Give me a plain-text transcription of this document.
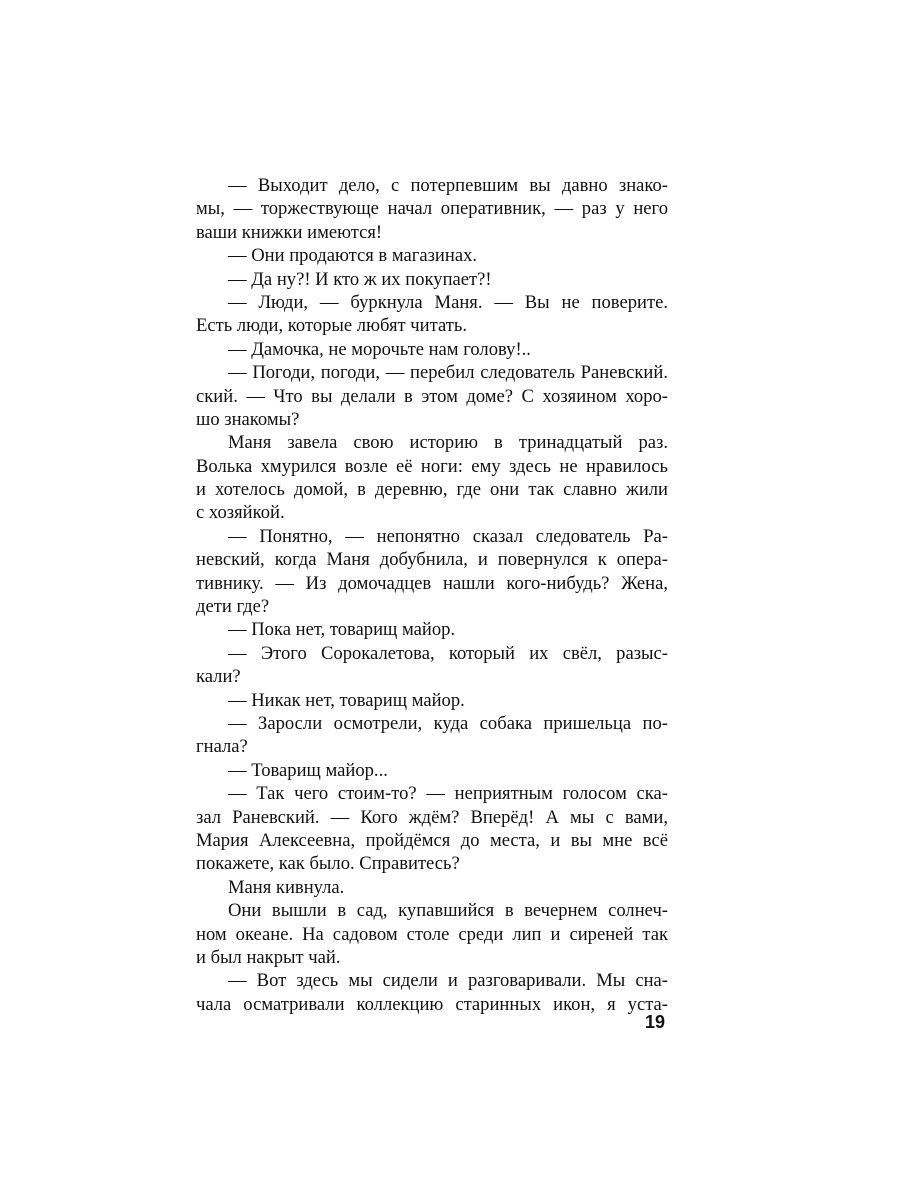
— Выходит дело, с потерпевшим вы давно знако-
мы, — торжествующе начал оперативник, — раз у него
ваши книжки имеются!
— Они продаются в магазинах.
— Да ну?! И кто ж их покупает?!
— Люди, — буркнула Маня. — Вы не поверите.
Есть люди, которые любят читать.
— Дамочка, не морочьте нам голову!..
— Погоди, погоди, — перебил следователь Раневский.
ский. — Что вы делали в этом доме? С хозяином хоро-
шо знакомы?
Маня завела свою историю в тринадцатый раз.
Волька хмурился возле её ноги: ему здесь не нравилось
и хотелось домой, в деревню, где они так славно жили
с хозяйкой.
— Понятно, — непонятно сказал следователь Ра-
невский, когда Маня добубнила, и повернулся к опера-
тивнику. — Из домочадцев нашли кого-нибудь? Жена,
дети где?
— Пока нет, товарищ майор.
— Этого Сорокалетова, который их свёл, разыс-
кали?
— Никак нет, товарищ майор.
— Заросли осмотрели, куда собака пришельца по-
гнала?
— Товарищ майор...
— Так чего стоим-то? — неприятным голосом ска-
зал Раневский. — Кого ждём? Вперёд! А мы с вами,
Мария Алексеевна, пройдёмся до места, и вы мне всё
покажете, как было. Справитесь?
Маня кивнула.
Они вышли в сад, купавшийся в вечернем солнеч-
ном океане. На садовом столе среди лип и сиреней так
и был накрыт чай.
— Вот здесь мы сидели и разговаривали. Мы сна-
чала осматривали коллекцию старинных икон, я уста-
19
